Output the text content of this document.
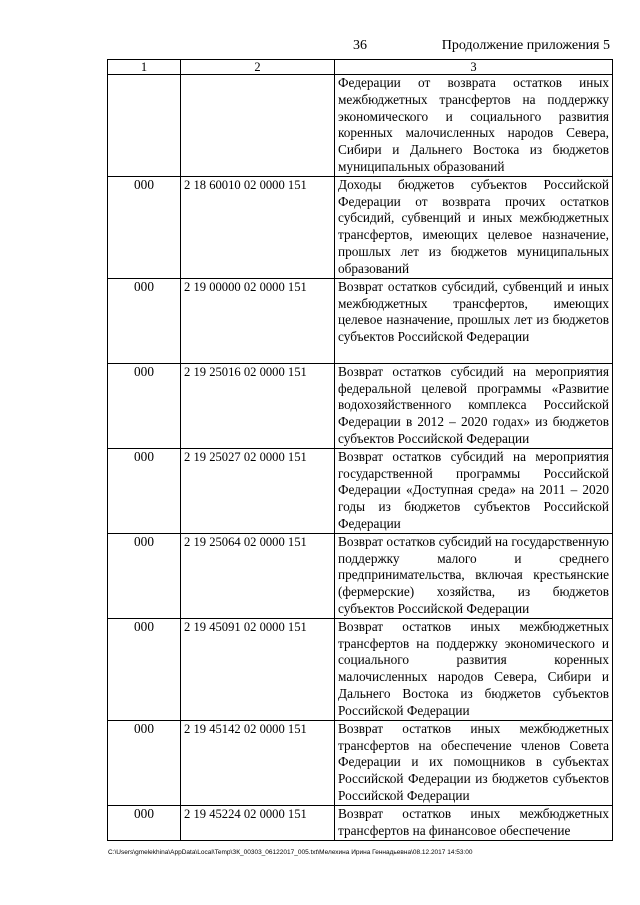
36	Продолжение приложения 5
1	2	3
		Федерации от возврата остатков иных межбюджетных трансфертов на поддержку экономического и социального развития коренных малочисленных народов Севера, Сибири и Дальнего Востока из бюджетов муниципальных образований
000	2 18 60010 02 0000 151	Доходы бюджетов субъектов Российской Федерации от возврата прочих остатков субсидий, субвенций и иных межбюджетных трансфертов, имеющих целевое назначение, прошлых лет из бюджетов муниципальных образований
000	2 19 00000 02 0000 151	Возврат остатков субсидий, субвенций и иных межбюджетных трансфертов, имеющих целевое назначение, прошлых лет из бюджетов субъектов Российской Федерации
000	2 19 25016 02 0000 151	Возврат остатков субсидий на мероприятия федеральной целевой программы «Развитие водохозяйственного комплекса Российской Федерации в 2012 – 2020 годах» из бюджетов субъектов Российской Федерации
000	2 19 25027 02 0000 151	Возврат остатков субсидий на мероприятия государственной программы Российской Федерации «Доступная среда» на 2011 – 2020 годы из бюджетов субъектов Российской Федерации
000	2 19 25064 02 0000 151	Возврат остатков субсидий на государственную поддержку малого и среднего предпринимательства, включая крестьянские (фермерские) хозяйства, из бюджетов субъектов Российской Федерации
000	2 19 45091 02 0000 151	Возврат остатков иных межбюджетных трансфертов на поддержку экономического и социального развития коренных малочисленных народов Севера, Сибири и Дальнего Востока из бюджетов субъектов Российской Федерации
000	2 19 45142 02 0000 151	Возврат остатков иных межбюджетных трансфертов на обеспечение членов Совета Федерации и их помощников в субъектах Российской Федерации из бюджетов субъектов Российской Федерации
000	2 19 45224 02 0000 151	Возврат остатков иных межбюджетных трансфертов на финансовое обеспечение
C:\Users\gmelekhina\AppData\Local\Temp\ЗК_00303_06122017_005.txt\Мелехина Ирина Геннадьевна\08.12.2017 14:53:00
